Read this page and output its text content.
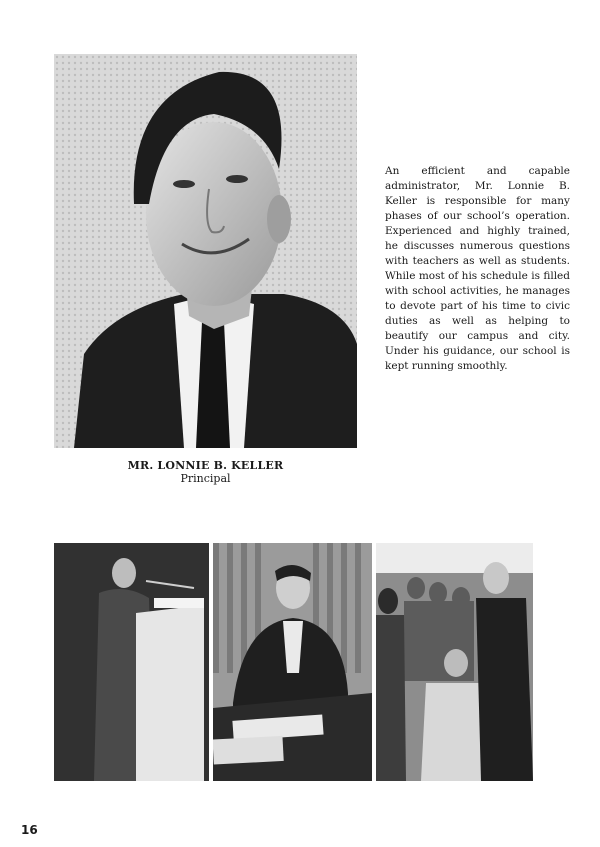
MR. LONNIE B. KELLER
Principal

An efficient and capable administrator, Mr. Lonnie B. Keller is responsible for many phases of our school’s operation. Experienced and highly trained, he discusses numerous questions with teachers as well as students. While most of his schedule is filled with school activities, he manages to devote part of his time to civic duties as well as helping to beautify our campus and city. Under his guidance, our school is kept running smoothly.

16
